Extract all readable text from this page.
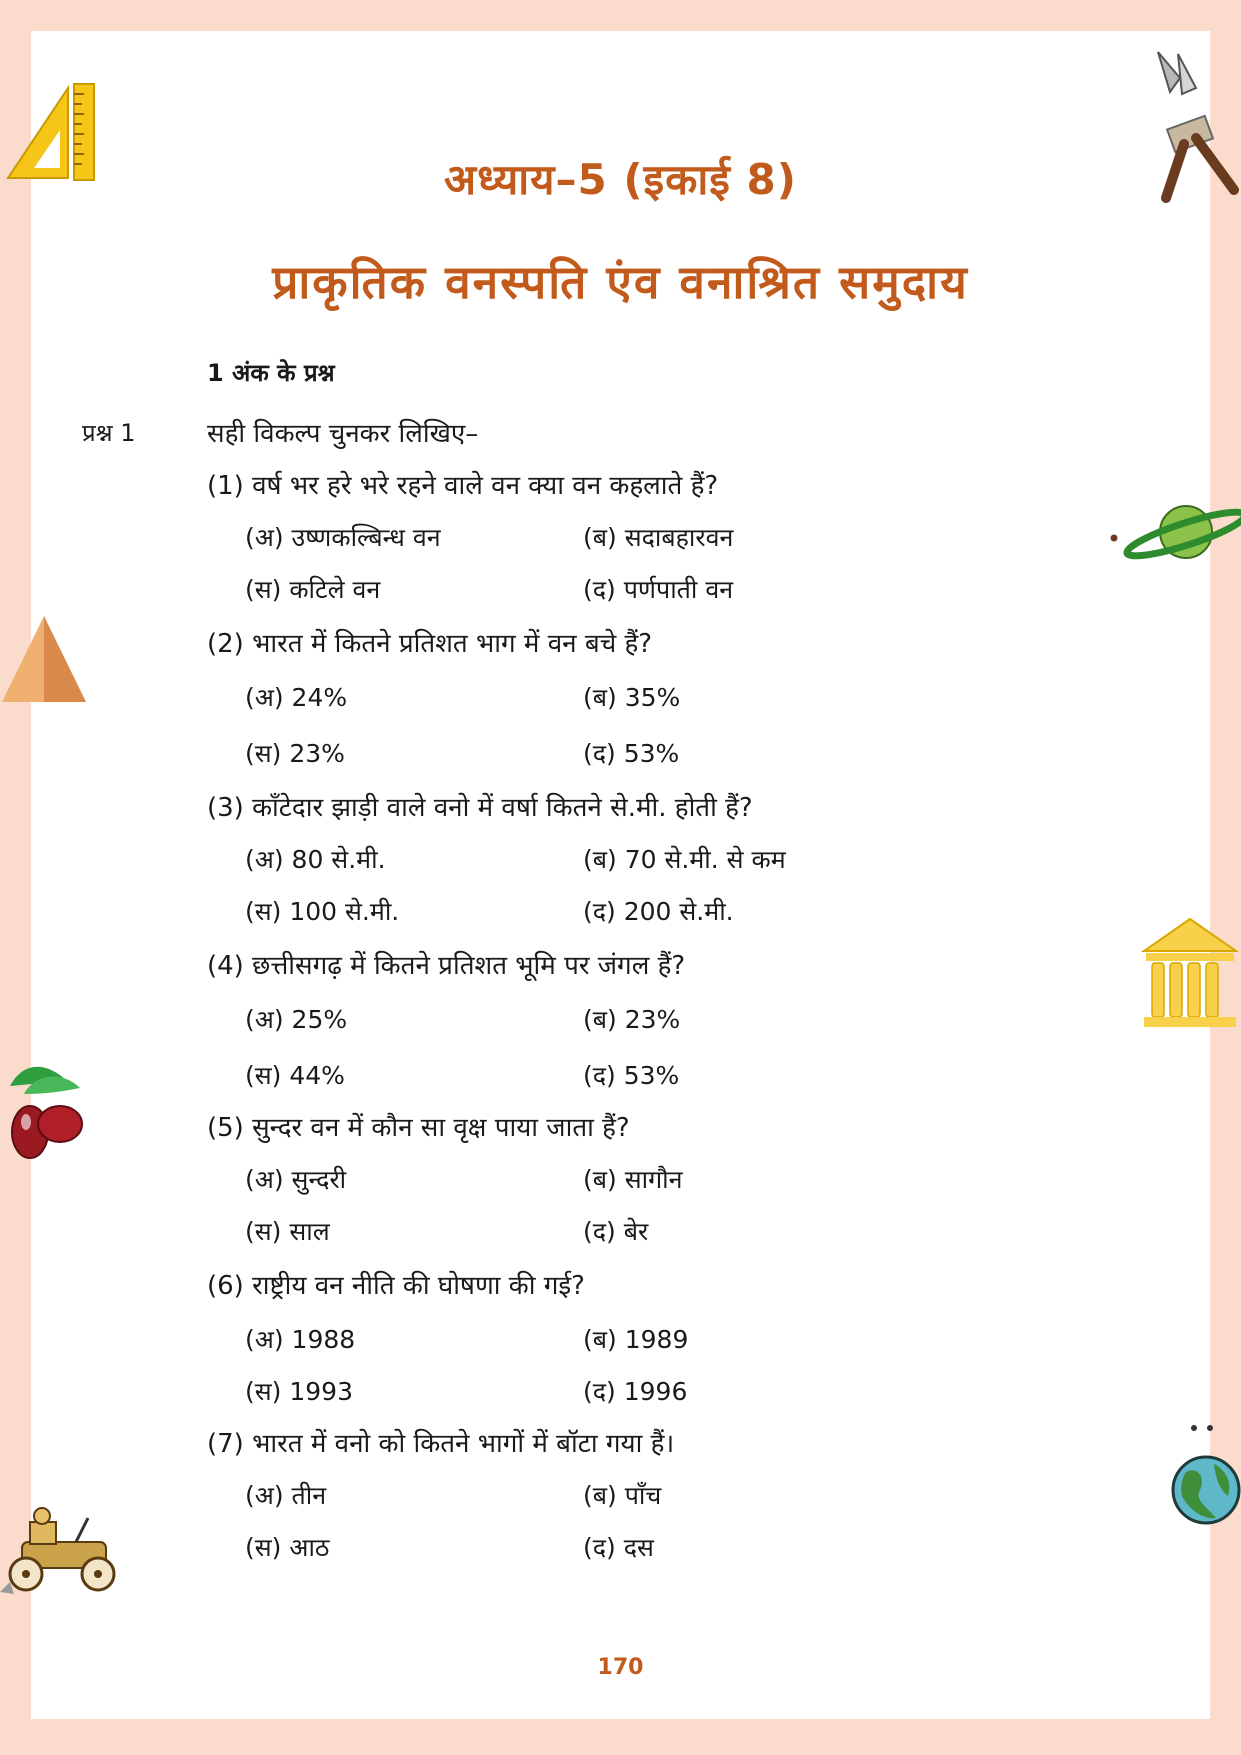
अध्याय–5 (इकाई 8)
प्राकृतिक वनस्पति एंव वनाश्रित समुदाय
1 अंक के प्रश्न
प्रश्न 1	सही विकल्प चुनकर लिखिए–
(1) वर्ष भर हरे भरे रहने वाले वन क्या वन कहलाते हैं?
(अ) उष्णकल्बिन्ध वन	(ब) सदाबहारवन
(स) कटिले वन	(द) पर्णपाती वन
(2) भारत में कितने प्रतिशत भाग में वन बचे हैं?
(अ) 24%	(ब) 35%
(स) 23%	(द) 53%
(3) काँटेदार झाड़ी वाले वनो में वर्षा कितने से.मी. होती हैं?
(अ) 80 से.मी.	(ब) 70 से.मी. से कम
(स) 100 से.मी.	(द) 200 से.मी.
(4) छत्तीसगढ़ में कितने प्रतिशत भूमि पर जंगल हैं?
(अ) 25%	(ब) 23%
(स) 44%	(द) 53%
(5) सुन्दर वन में कौन सा वृक्ष पाया जाता हैं?
(अ) सुन्दरी	(ब) सागौन
(स) साल	(द) बेर
(6) राष्ट्रीय वन नीति की घोषणा की गई?
(अ) 1988	(ब) 1989
(स) 1993	(द) 1996
(7) भारत में वनो को कितने भागों में बॉटा गया हैं।
(अ) तीन	(ब) पाँच
(स) आठ	(द) दस
170
